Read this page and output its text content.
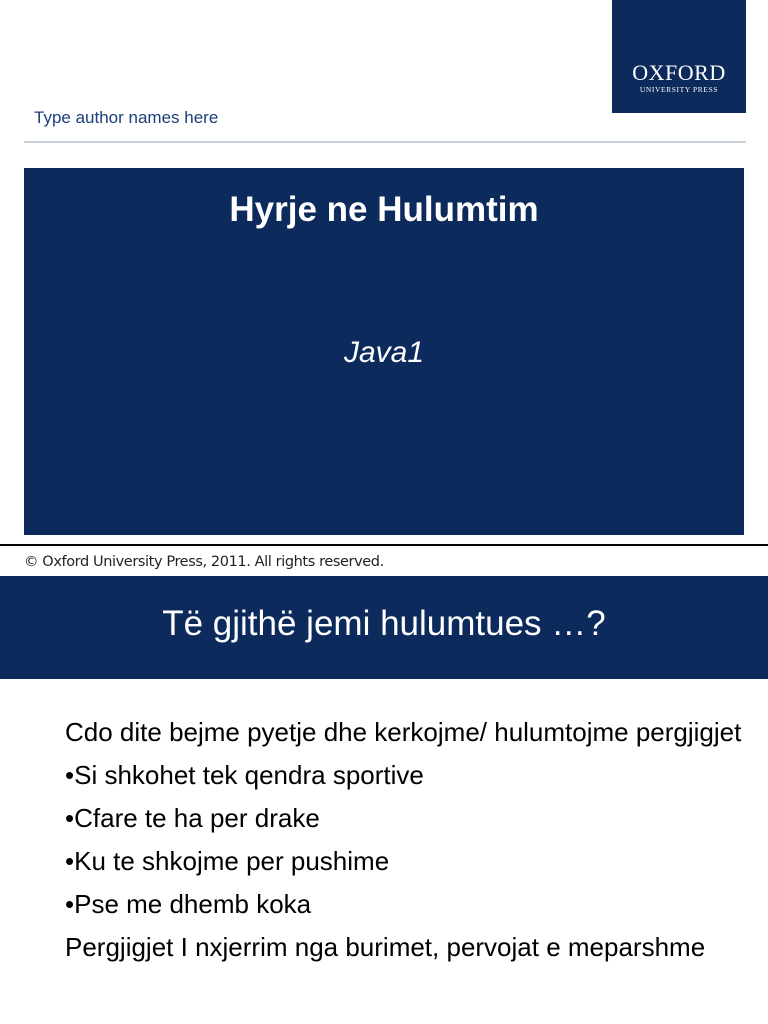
OXFORD
UNIVERSITY PRESS
Type author names here
Hyrje ne Hulumtim
Java1
© Oxford University Press, 2011. All rights reserved.
Të gjithë jemi hulumtues …?
Cdo dite bejme pyetje dhe kerkojme/ hulumtojme pergjigjet
•Si shkohet tek qendra sportive
•Cfare te ha per drake
•Ku te shkojme per pushime
•Pse me dhemb koka
Pergjigjet I nxjerrim nga burimet, pervojat e meparshme
